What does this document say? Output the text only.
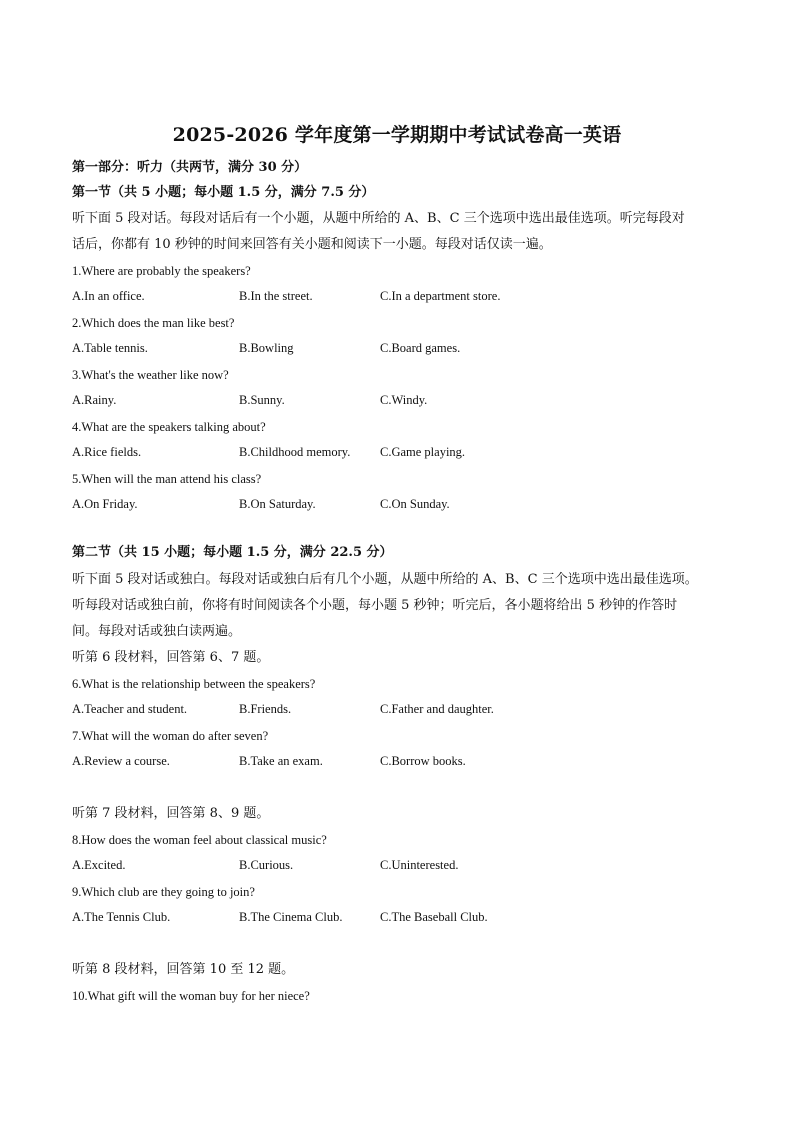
2025-2026 学年度第一学期期中考试试卷高一英语
第一部分：听力（共两节，满分 30 分）
第一节（共 5 小题；每小题 1.5 分，满分 7.5 分）
听下面 5 段对话。每段对话后有一个小题，从题中所给的 A、B、C 三个选项中选出最佳选项。听完每段对
话后，你都有 10 秒钟的时间来回答有关小题和阅读下一小题。每段对话仅读一遍。
1.Where are probably the speakers?
A.In an office.	B.In the street.	C.In a department store.
2.Which does the man like best?
A.Table tennis.	B.Bowling	C.Board games.
3.What's the weather like now?
A.Rainy.	B.Sunny.	C.Windy.
4.What are the speakers talking about?
A.Rice fields.	B.Childhood memory. C.Game playing.
5.When will the man attend his class?
A.On Friday.	B.On Saturday.	C.On Sunday.
第二节（共 15 小题；每小题 1.5 分，满分 22.5 分）
听下面 5 段对话或独白。每段对话或独白后有几个小题，从题中所给的 A、B、C 三个选项中选出最佳选项。
听每段对话或独白前，你将有时间阅读各个小题，每小题 5 秒钟；听完后，各小题将给出 5 秒钟的作答时
间。每段对话或独白读两遍。
听第 6 段材料，回答第 6、7 题。
6.What is the relationship between the speakers?
A.Teacher and student.	B.Friends.	C.Father and daughter.
7.What will the woman do after seven?
A.Review a course.	B.Take an exam.	C.Borrow books.
听第 7 段材料，回答第 8、9 题。
8.How does the woman feel about classical music?
A.Excited.	B.Curious.	C.Uninterested.
9.Which club are they going to join?
A.The Tennis Club.	B.The Cinema Club.	C.The Baseball Club.
听第 8 段材料，回答第 10 至 12 题。
10.What gift will the woman buy for her niece?
